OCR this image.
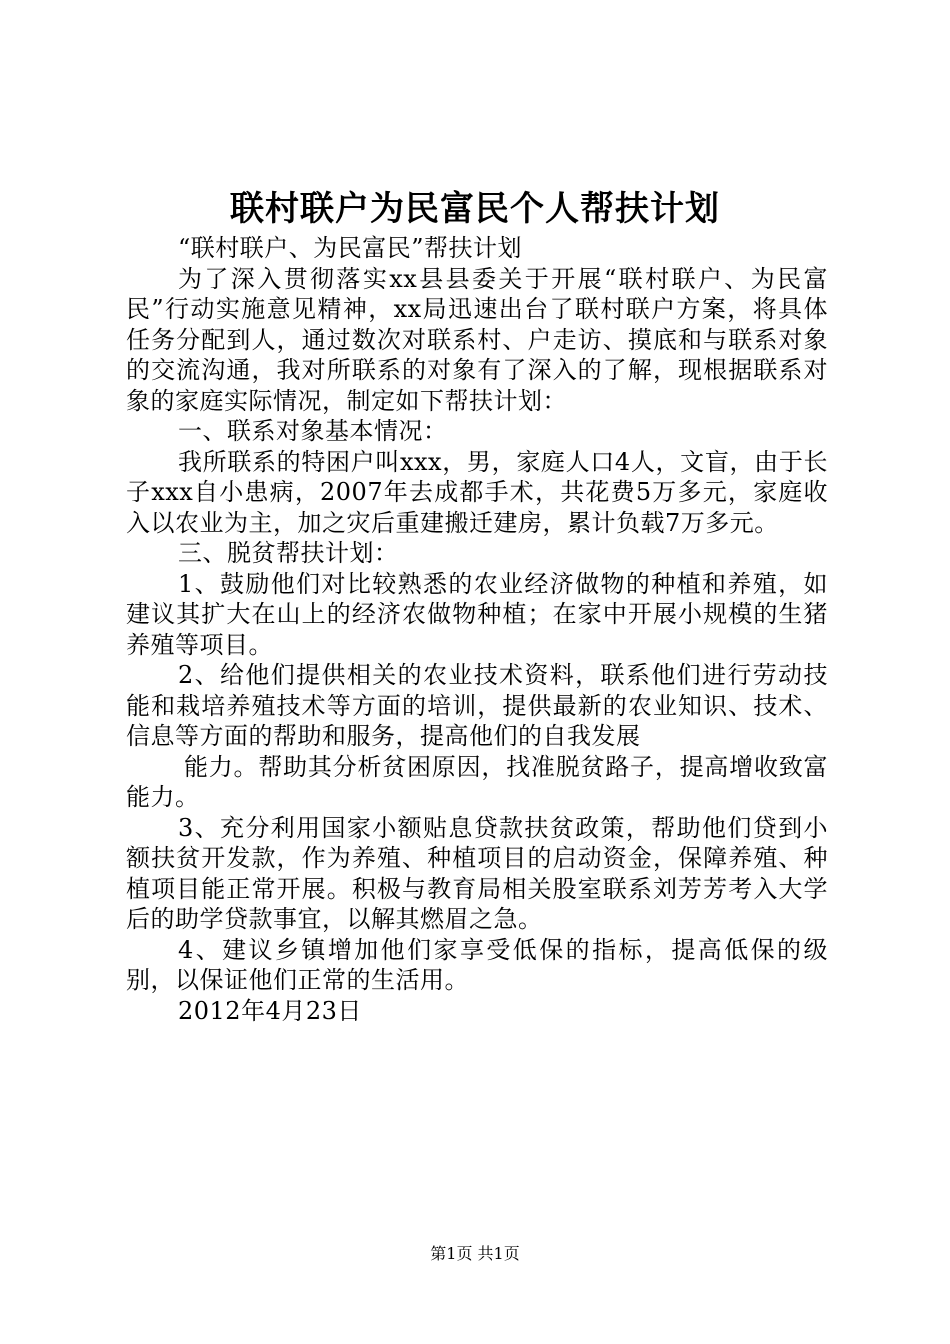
联村联户为民富民个人帮扶计划

“联村联户、为民富民”帮扶计划

为了深入贯彻落实xx县县委关于开展“联村联户、为民富民”行动实施意见精神，xx局迅速出台了联村联户方案，将具体任务分配到人，通过数次对联系村、户走访、摸底和与联系对象的交流沟通，我对所联系的对象有了深入的了解，现根据联系对象的家庭实际情况，制定如下帮扶计划：

一、联系对象基本情况：

我所联系的特困户叫xxx，男，家庭人口4人，文盲，由于长子xxx自小患病，2007年去成都手术，共花费5万多元，家庭收入以农业为主，加之灾后重建搬迁建房，累计负载7万多元。

三、脱贫帮扶计划：

1、鼓励他们对比较熟悉的农业经济做物的种植和养殖，如建议其扩大在山上的经济农做物种植；在家中开展小规模的生猪养殖等项目。

2、给他们提供相关的农业技术资料，联系他们进行劳动技能和栽培养殖技术等方面的培训，提供最新的农业知识、技术、信息等方面的帮助和服务，提高他们的自我发展

能力。帮助其分析贫困原因，找准脱贫路子，提高增收致富能力。

3、充分利用国家小额贴息贷款扶贫政策，帮助他们贷到小额扶贫开发款，作为养殖、种植项目的启动资金，保障养殖、种植项目能正常开展。积极与教育局相关股室联系刘芳芳考入大学后的助学贷款事宜，以解其燃眉之急。

4、建议乡镇增加他们家享受低保的指标，提高低保的级别，以保证他们正常的生活用。

2012年4月23日

第1页 共1页
